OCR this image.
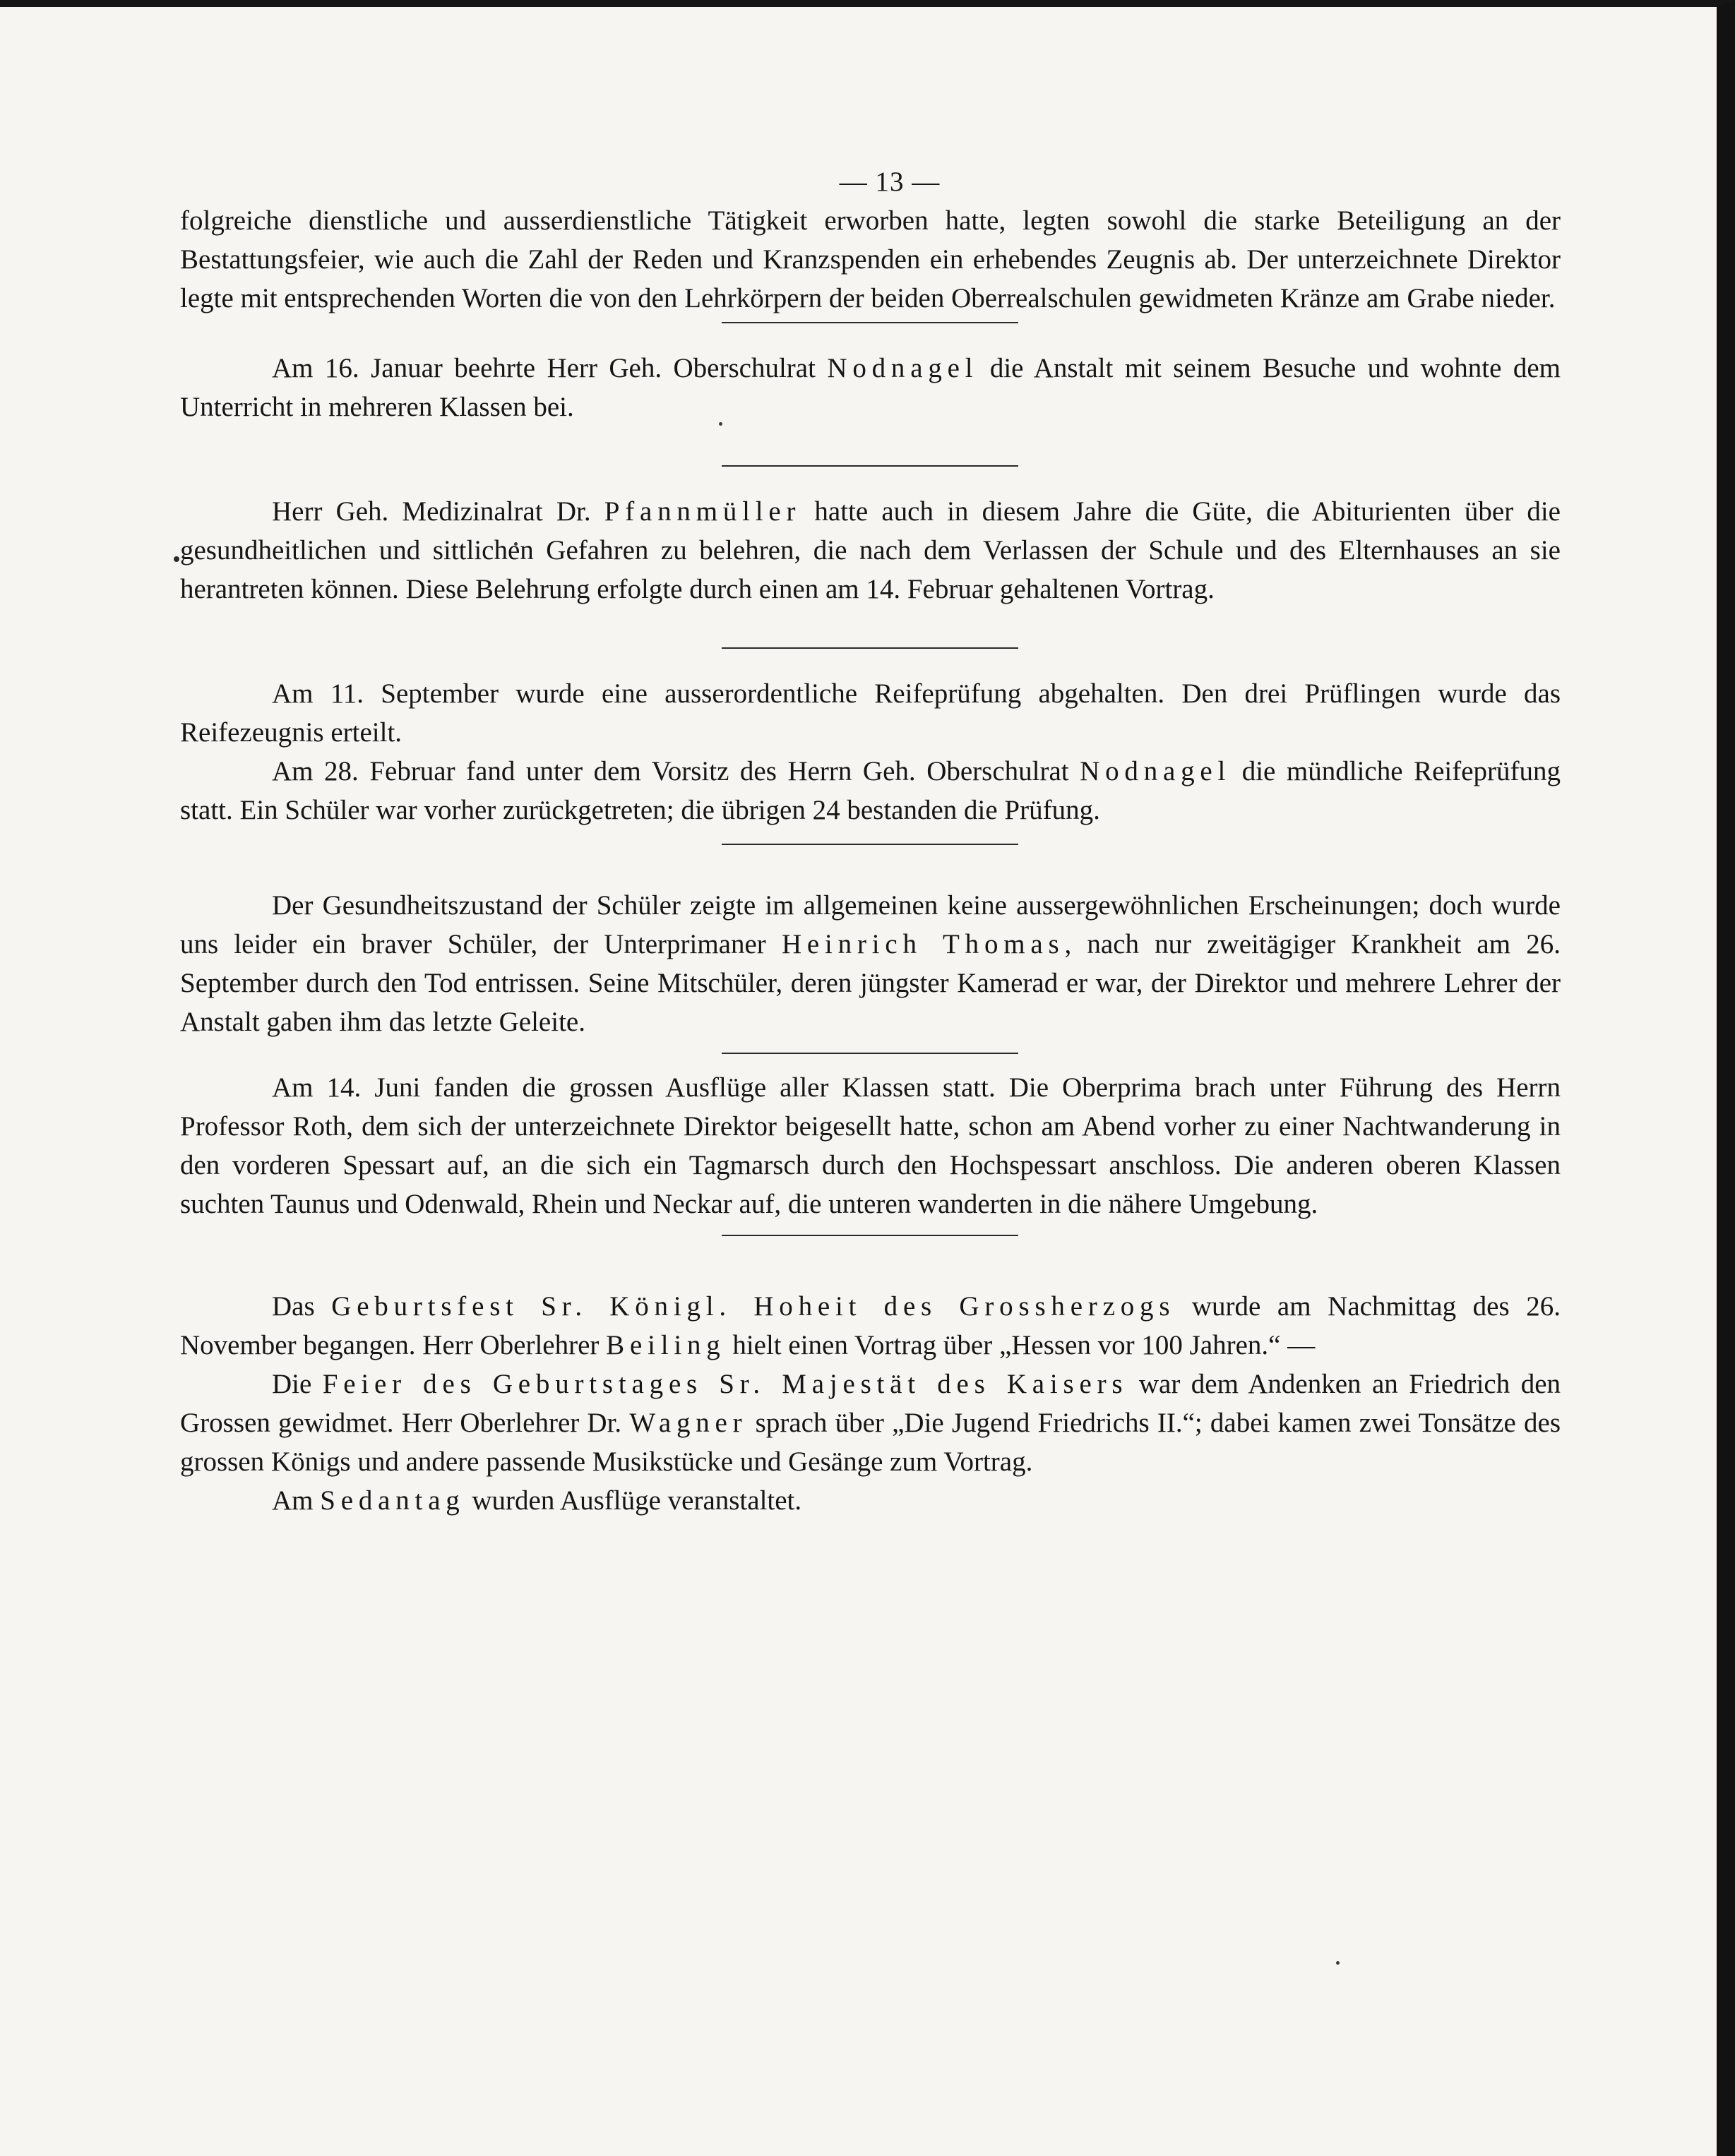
— 13 —

folgreiche dienstliche und ausserdienstliche Tätigkeit erworben hatte, legten sowohl die starke Beteiligung an der Bestattungsfeier, wie auch die Zahl der Reden und Kranzspenden ein erhebendes Zeugnis ab. Der unterzeichnete Direktor legte mit entsprechenden Worten die von den Lehrkörpern der beiden Oberrealschulen gewidmeten Kränze am Grabe nieder.

Am 16. Januar beehrte Herr Geh. Oberschulrat Nodnagel die Anstalt mit seinem Besuche und wohnte dem Unterricht in mehreren Klassen bei.

Herr Geh. Medizinalrat Dr. Pfannmüller hatte auch in diesem Jahre die Güte, die Abiturienten über die gesundheitlichen und sittlichen Gefahren zu belehren, die nach dem Verlassen der Schule und des Elternhauses an sie herantreten können. Diese Belehrung erfolgte durch einen am 14. Februar gehaltenen Vortrag.

Am 11. September wurde eine ausserordentliche Reifeprüfung abgehalten. Den drei Prüflingen wurde das Reifezeugnis erteilt.

Am 28. Februar fand unter dem Vorsitz des Herrn Geh. Oberschulrat Nodnagel die mündliche Reifeprüfung statt. Ein Schüler war vorher zurückgetreten; die übrigen 24 bestanden die Prüfung.

Der Gesundheitszustand der Schüler zeigte im allgemeinen keine aussergewöhnlichen Erscheinungen; doch wurde uns leider ein braver Schüler, der Unterprimaner Heinrich Thomas, nach nur zweitägiger Krankheit am 26. September durch den Tod entrissen. Seine Mitschüler, deren jüngster Kamerad er war, der Direktor und mehrere Lehrer der Anstalt gaben ihm das letzte Geleite.

Am 14. Juni fanden die grossen Ausflüge aller Klassen statt. Die Oberprima brach unter Führung des Herrn Professor Roth, dem sich der unterzeichnete Direktor beigesellt hatte, schon am Abend vorher zu einer Nachtwanderung in den vorderen Spessart auf, an die sich ein Tagmarsch durch den Hochspessart anschloss. Die anderen oberen Klassen suchten Taunus und Odenwald, Rhein und Neckar auf, die unteren wanderten in die nähere Umgebung.

Das Geburtsfest Sr. Königl. Hoheit des Grossherzogs wurde am Nachmittag des 26. November begangen. Herr Oberlehrer Beiling hielt einen Vortrag über „Hessen vor 100 Jahren.“ —

Die Feier des Geburtstages Sr. Majestät des Kaisers war dem Andenken an Friedrich den Grossen gewidmet. Herr Oberlehrer Dr. Wagner sprach über „Die Jugend Friedrichs II.“; dabei kamen zwei Tonsätze des grossen Königs und andere passende Musikstücke und Gesänge zum Vortrag.

Am Sedantag wurden Ausflüge veranstaltet.
